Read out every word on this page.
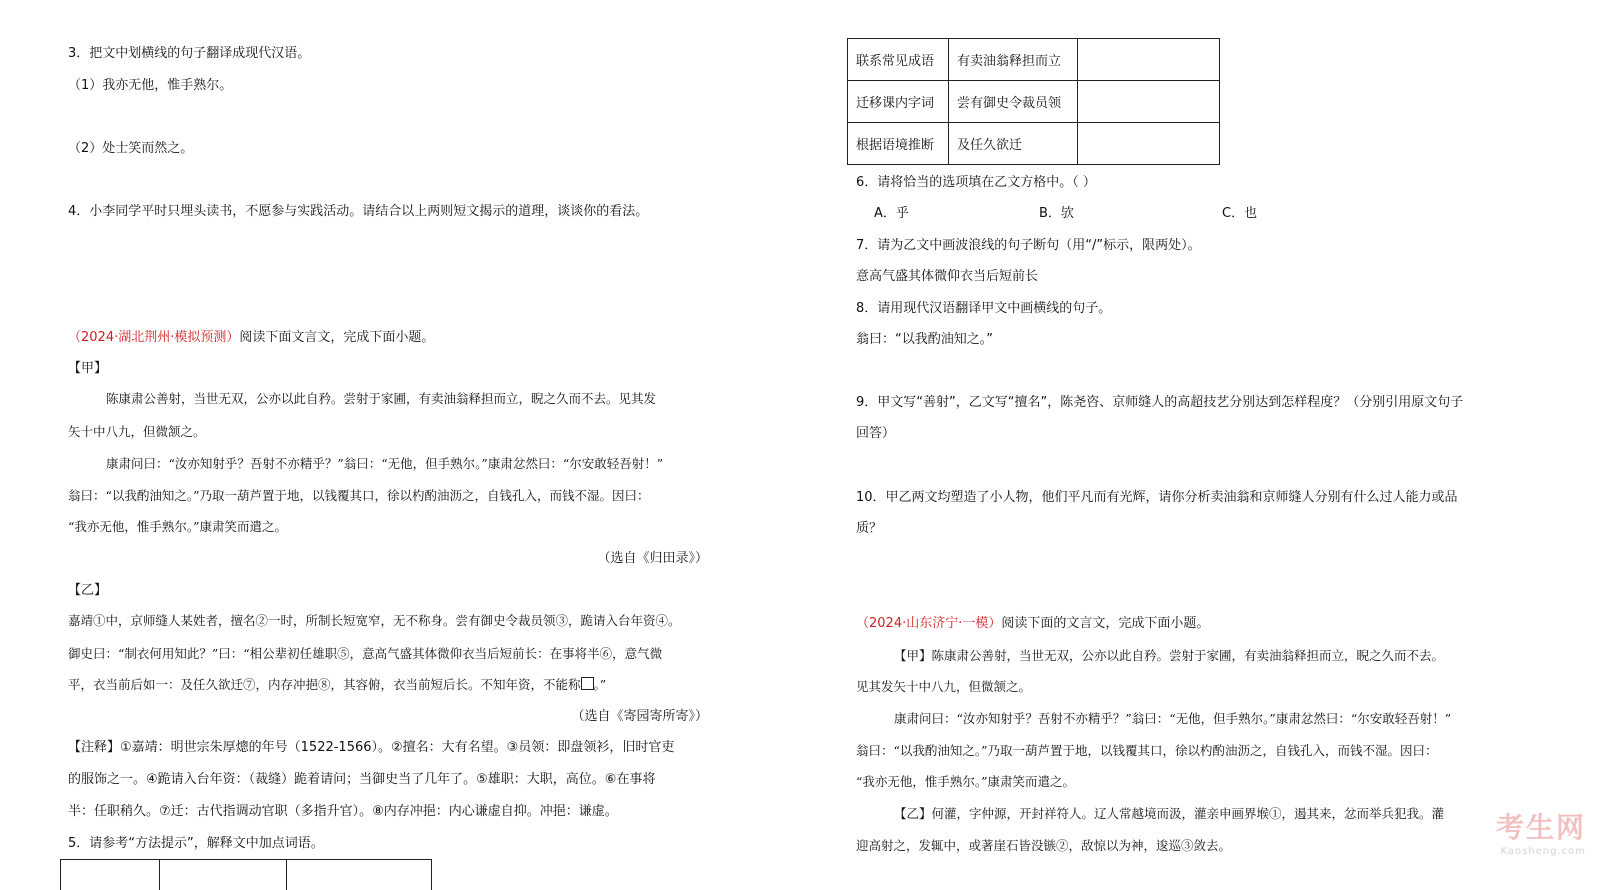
3．把文中划横线的句子翻译成现代汉语。
（1）我亦无他，惟手熟尔。
（2）处士笑而然之。
4．小李同学平时只埋头读书，不愿参与实践活动。请结合以上两则短文揭示的道理，谈谈你的看法。
（2024·湖北荆州·模拟预测）阅读下面文言文，完成下面小题。
【甲】
陈康肃公善射，当世无双，公亦以此自矜。尝射于家圃，有卖油翁释担而立，睨之久而不去。见其发
矢十中八九，但微颔之。
康肃问曰：“汝亦知射乎？吾射不亦精乎？”翁曰：“无他，但手熟尔。”康肃忿然曰：“尔安敢轻吾射！”
翁曰：“以我酌油知之。”乃取一葫芦置于地，以钱覆其口，徐以杓酌油沥之，自钱孔入，而钱不湿。因曰：
“我亦无他，惟手熟尔。”康肃笑而遣之。
（选自《归田录》）
【乙】
嘉靖①中，京师缝人某姓者，擅名②一时，所制长短宽窄，无不称身。尝有御史令裁员领③，跪请入台年资④。
御史曰：“制衣何用知此？”曰：“相公辈初任雄职⑤，意高气盛其体微仰衣当后短前长：在事将半⑥，意气微
平，衣当前后如一：及任久欲迁⑦，内存冲挹⑧，其容俯，衣当前短后长。不知年资，不能称 。”
（选自《寄园寄所寄》）
【注释】①嘉靖：明世宗朱厚熜的年号（1522-1566）。②擅名：大有名望。③员领：即盘领衫，旧时官吏
的服饰之一。④跪请入台年资：（裁缝）跪着请问；当御史当了几年了。⑤雄职：大职，高位。⑥在事将
半：任职稍久。⑦迁：古代指调动官职（多指升官）。⑧内存冲挹：内心谦虚自抑。冲挹：谦虚。
5．请参考“方法提示”，解释文中加点词语。
联系常见成语	有卖油翁释担而立	
迁移课内字词	尝有御史令裁员领	
根据语境推断	及任久欲迁	
6．请将恰当的选项填在乙文方格中。（ ）
A．乎	B．欤	C．也
7．请为乙文中画波浪线的句子断句（用“/”标示，限两处）。
意高气盛其体微仰衣当后短前长
8．请用现代汉语翻译甲文中画横线的句子。
翁曰：“以我酌油知之。”
9．甲文写“善射”，乙文写“擅名”，陈尧咨、京师缝人的高超技艺分别达到怎样程度？（分别引用原文句子
回答）
10．甲乙两文均塑造了小人物，他们平凡而有光辉，请你分析卖油翁和京师缝人分别有什么过人能力或品
质？
（2024·山东济宁·一模）阅读下面的文言文，完成下面小题。
【甲】陈康肃公善射，当世无双，公亦以此自矜。尝射于家圃，有卖油翁释担而立，睨之久而不去。
见其发矢十中八九，但微颔之。
康肃问曰：“汝亦知射乎？吾射不亦精乎？”翁曰：“无他，但手熟尔。”康肃忿然曰：“尔安敢轻吾射！”
翁曰：“以我酌油知之。”乃取一葫芦置于地，以钱覆其口，徐以杓酌油沥之，自钱孔入，而钱不湿。因曰：
“我亦无他，惟手熟尔。”康肃笑而遣之。
【乙】何灌，字仲源，开封祥符人。辽人常越境而汲，灌亲申画界堠①，遏其来，忿而举兵犯我。灌
迎高射之，发辄中，或著崖石皆没镞②，敌惊以为神，逡巡③敛去。
考生网
Kaosheng.com
